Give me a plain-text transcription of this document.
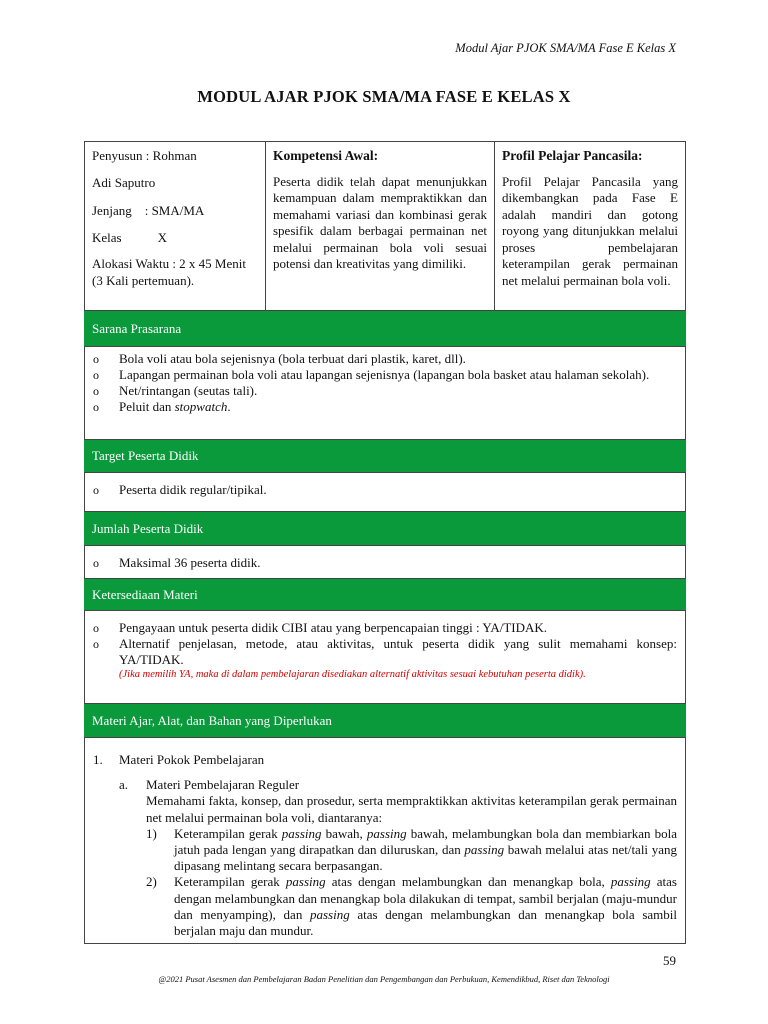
Modul Ajar PJOK SMA/MA Fase E Kelas X
MODUL AJAR PJOK SMA/MA FASE E KELAS X

Penyusun : Rohman

Adi Saputro

Jenjang    : SMA/MA

Kelas	X

Alokasi Waktu : 2 x 45 Menit (3 Kali pertemuan).

Kompetensi Awal:
Peserta didik telah dapat menunjukkan kemampuan dalam mempraktikkan dan memahami variasi dan kombinasi gerak spesifik dalam berbagai permainan net melalui permainan bola voli sesuai potensi dan kreativitas yang dimiliki.
Profil Pelajar Pancasila:
Profil Pelajar Pancasila yang dikembangkan pada Fase E adalah mandiri dan gotong royong yang ditunjukkan melalui proses pembelajaran keterampilan gerak permainan net melalui permainan bola voli.
Sarana Prasarana
o	Bola voli atau bola sejenisnya (bola terbuat dari plastik, karet, dll).
o	Lapangan permainan bola voli atau lapangan sejenisnya (lapangan bola basket atau halaman sekolah).
o	Net/rintangan (seutas tali).
o	Peluit dan stopwatch.
Target Peserta Didik
o	Peserta didik regular/tipikal.
Jumlah Peserta Didik
o	Maksimal 36 peserta didik.
Ketersediaan Materi
o	Pengayaan untuk peserta didik CIBI atau yang berpencapaian tinggi : YA/TIDAK.
o	Alternatif penjelasan, metode, atau aktivitas, untuk peserta didik yang sulit memahami konsep: YA/TIDAK.
(Jika memilih YA, maka di dalam pembelajaran disediakan alternatif aktivitas sesuai kebutuhan peserta didik).
Materi Ajar, Alat, dan Bahan yang Diperlukan
1.	Materi Pokok Pembelajaran
a.	Materi Pembelajaran Reguler
Memahami fakta, konsep, dan prosedur, serta mempraktikkan aktivitas keterampilan gerak permainan net melalui permainan bola voli, diantaranya:
1)	Keterampilan gerak passing bawah, passing bawah, melambungkan bola dan membiarkan bola jatuh pada lengan yang dirapatkan dan diluruskan, dan passing bawah melalui atas net/tali yang dipasang melintang secara berpasangan.
2)	Keterampilan gerak passing atas dengan melambungkan dan menangkap bola, passing atas dengan melambungkan dan menangkap bola dilakukan di tempat, sambil berjalan (maju-mundur dan menyamping), dan passing atas dengan melambungkan dan menangkap bola sambil berjalan maju dan mundur.
59
@2021 Pusat Asesmen dan Pembelajaran Badan Penelitian dan Pengembangan dan Perbukuan, Kemendikbud, Riset dan Teknologi
